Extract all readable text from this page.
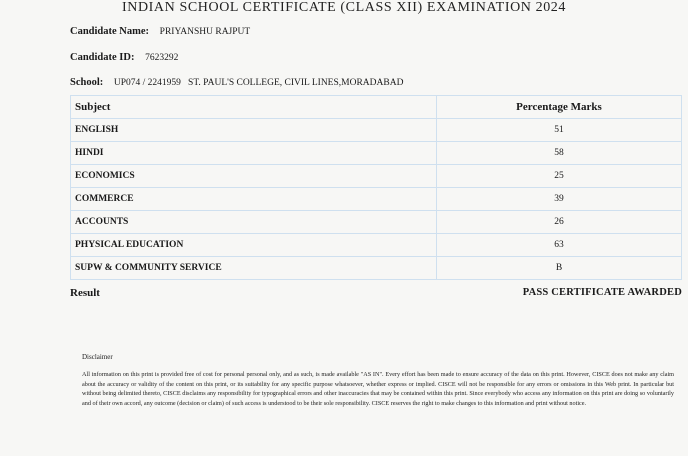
INDIAN SCHOOL CERTIFICATE (CLASS XII) EXAMINATION 2024
Candidate Name: PRIYANSHU RAJPUT
Candidate ID: 7623292
School: UP074 / 2241959   ST. PAUL'S COLLEGE, CIVIL LINES,MORADABAD
Subject	Percentage Marks
ENGLISH	51
HINDI	58
ECONOMICS	25
COMMERCE	39
ACCOUNTS	26
PHYSICAL EDUCATION	63
SUPW & COMMUNITY SERVICE	B
Result	PASS CERTIFICATE AWARDED
Disclaimer
All information on this print is provided free of cost for personal personal only, and as such, is made available "AS IN". Every effort has been made to ensure accuracy of the data on this print. However, CISCE does not make any claim about the accuracy or validity of the content on this print, or its suitability for any specific purpose whatsoever, whether express or implied. CISCE will not be responsible for any errors or omissions in this Web print. In particular but without being delimited thereto, CISCE disclaims any responsibility for typographical errors and other inaccuracies that may be contained within this print. Since everybody who access any information on this print are doing so voluntarily and of their own accord, any outcome (decision or claim) of such access is understood to be their sole responsibility. CISCE reserves the right to make changes to this information and print without notice.
